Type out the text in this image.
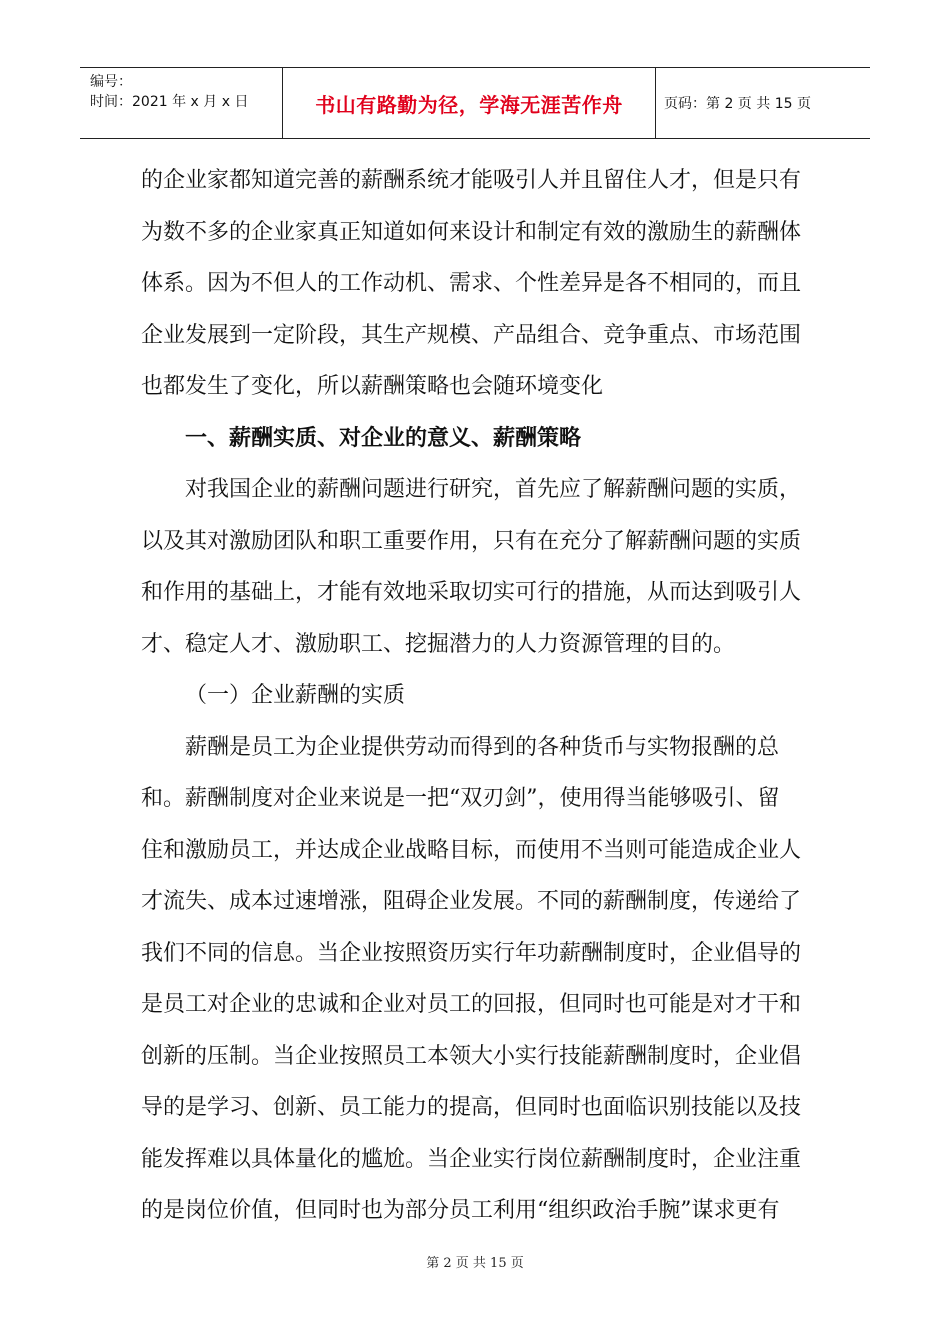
编号：
时间：2021 年 x 月 x 日	书山有路勤为径，学海无涯苦作舟	页码：第 2 页 共 15 页
的企业家都知道完善的薪酬系统才能吸引人并且留住人才，但是只有
为数不多的企业家真正知道如何来设计和制定有效的激励生的薪酬体
体系。因为不但人的工作动机、需求、个性差异是各不相同的，而且
企业发展到一定阶段，其生产规模、产品组合、竞争重点、市场范围
也都发生了变化，所以薪酬策略也会随环境变化
一、薪酬实质、对企业的意义、薪酬策略
对我国企业的薪酬问题进行研究，首先应了解薪酬问题的实质，
以及其对激励团队和职工重要作用，只有在充分了解薪酬问题的实质
和作用的基础上，才能有效地采取切实可行的措施，从而达到吸引人
才、稳定人才、激励职工、挖掘潜力的人力资源管理的目的。
（一）企业薪酬的实质
薪酬是员工为企业提供劳动而得到的各种货币与实物报酬的总
和。薪酬制度对企业来说是一把“双刃剑”，使用得当能够吸引、留
住和激励员工，并达成企业战略目标，而使用不当则可能造成企业人
才流失、成本过速增涨，阻碍企业发展。不同的薪酬制度，传递给了
我们不同的信息。当企业按照资历实行年功薪酬制度时，企业倡导的
是员工对企业的忠诚和企业对员工的回报，但同时也可能是对才干和
创新的压制。当企业按照员工本领大小实行技能薪酬制度时，企业倡
导的是学习、创新、员工能力的提高，但同时也面临识别技能以及技
能发挥难以具体量化的尴尬。当企业实行岗位薪酬制度时，企业注重
的是岗位价值，但同时也为部分员工利用“组织政治手腕”谋求更有
第 2 页 共 15 页
